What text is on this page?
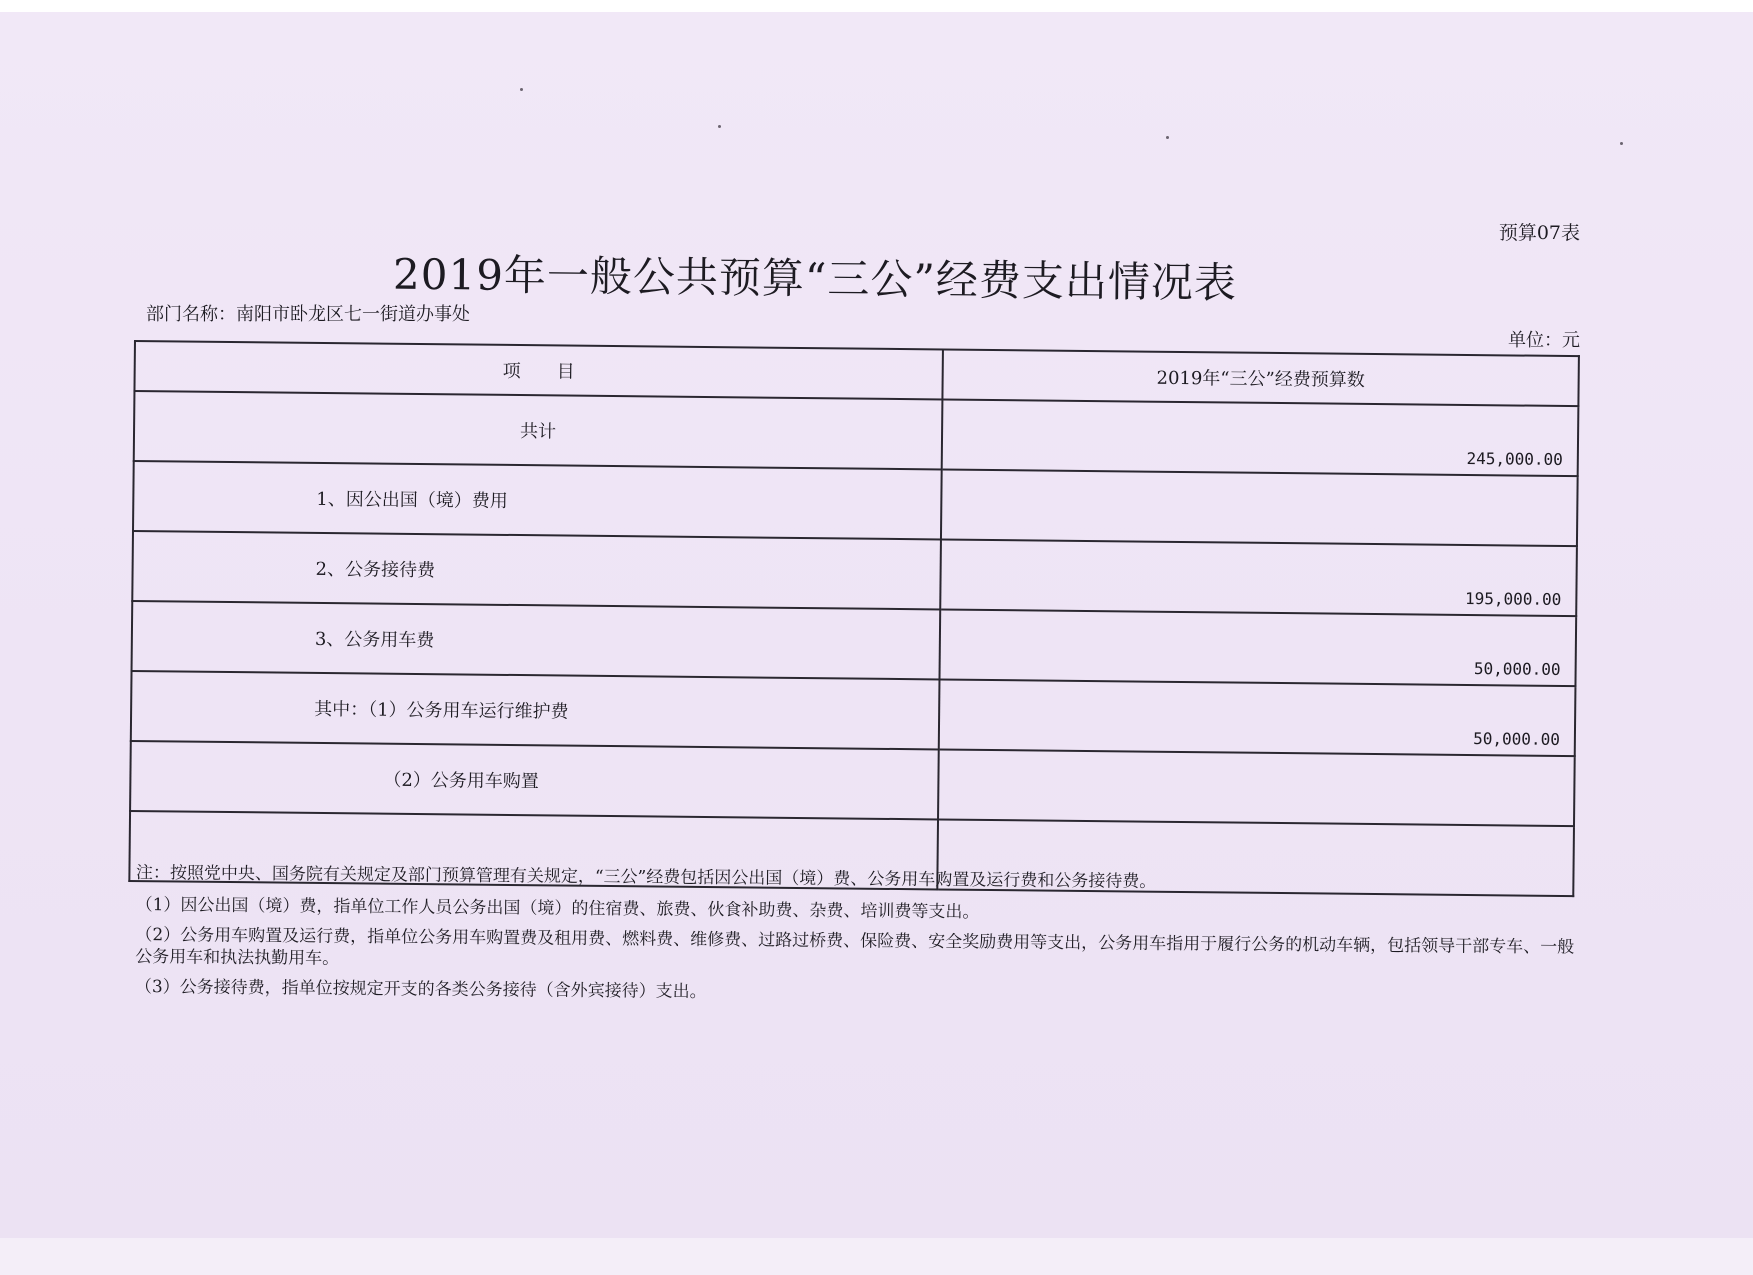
预算07表
2019年一般公共预算“三公”经费支出情况表
部门名称：南阳市卧龙区七一街道办事处
单位：元
项　　目	2019年“三公”经费预算数
共计	245,000.00
1、因公出国（境）费用	
2、公务接待费	195,000.00
3、公务用车费	50,000.00
其中：（1）公务用车运行维护费	50,000.00
（2）公务用车购置	

注：按照党中央、国务院有关规定及部门预算管理有关规定，“三公”经费包括因公出国（境）费、公务用车购置及运行费和公务接待费。

（1）因公出国（境）费，指单位工作人员公务出国（境）的住宿费、旅费、伙食补助费、杂费、培训费等支出。

（2）公务用车购置及运行费，指单位公务用车购置费及租用费、燃料费、维修费、过路过桥费、保险费、安全奖励费用等支出，公务用车指用于履行公务的机动车辆，包括领导干部专车、一般公务用车和执法执勤用车。

（3）公务接待费，指单位按规定开支的各类公务接待（含外宾接待）支出。
